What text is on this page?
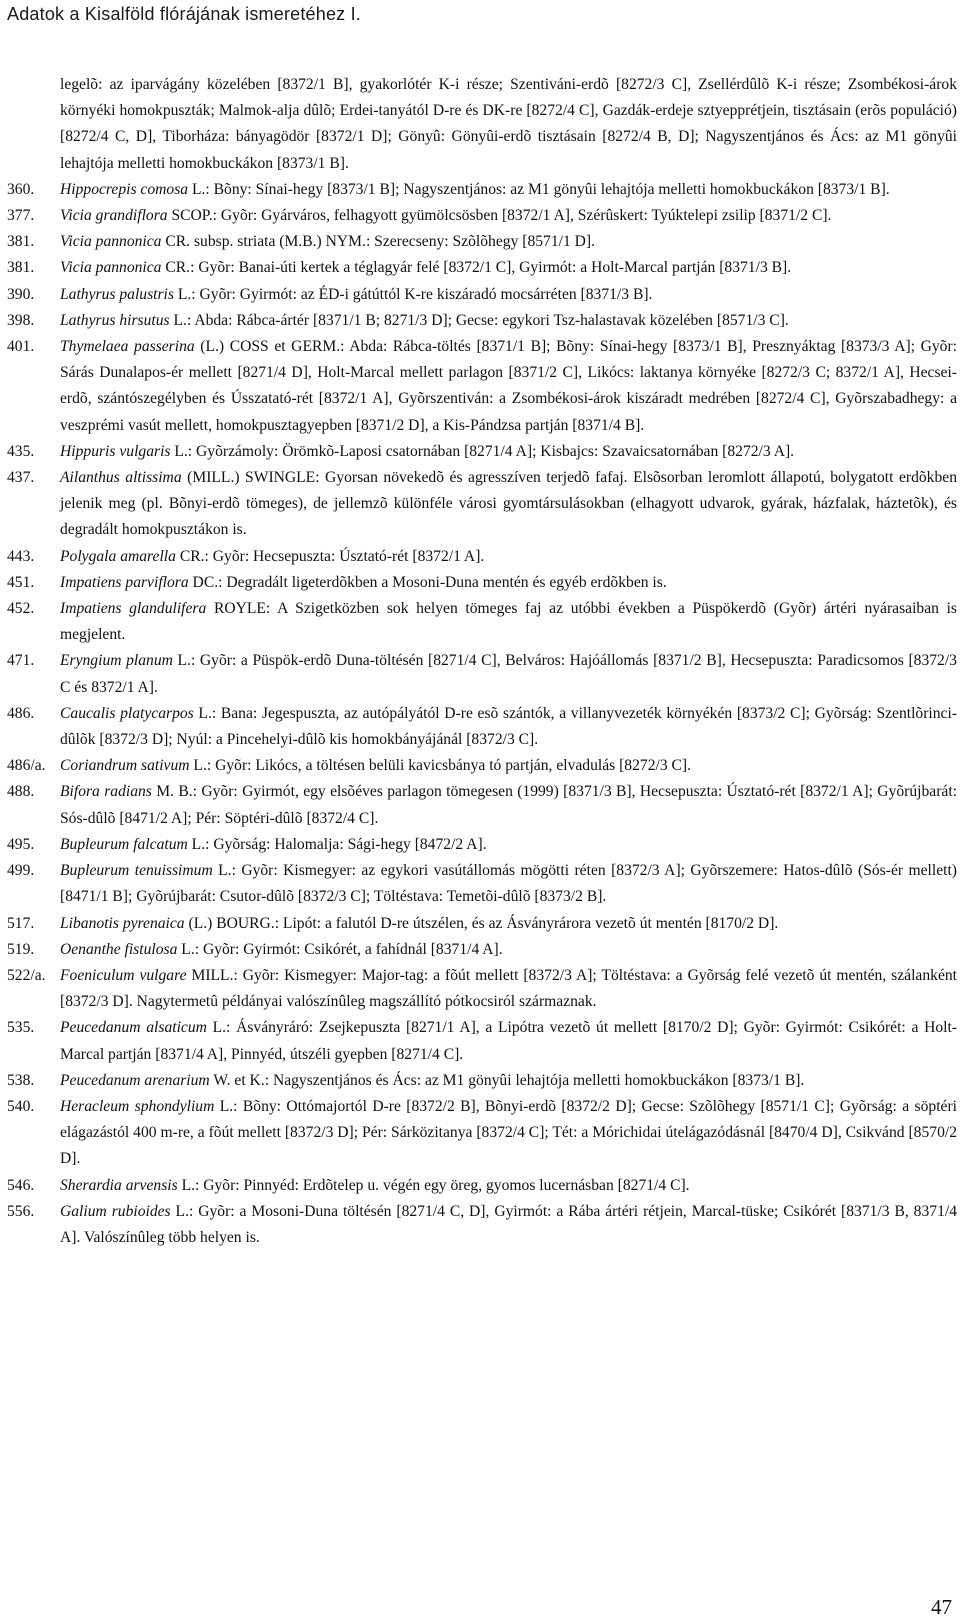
Adatok a Kisalföld flórájának ismeretéhez I.
legelõ: az iparvágány közelében [8372/1 B], gyakorlótér K-i része; Szentiváni-erdõ [8272/3 C], Zsellérdûlõ K-i része; Zsombékosi-árok környéki homokpuszták; Malmok-alja dûlõ; Erdei-tanyától D-re és DK-re [8272/4 C], Gazdák-erdeje sztyepprétjein, tisztásain (erõs populáció) [8272/4 C, D], Tiborháza: bányagödör [8372/1 D]; Gönyû: Gönyûi-erdõ tisztásain [8272/4 B, D]; Nagyszentjános és Ács: az M1 gönyûi lehajtója melletti homokbuckákon [8373/1 B].
360.	Hippocrepis comosa L.: Bõny: Sínai-hegy [8373/1 B]; Nagyszentjános: az M1 gönyûi lehajtója melletti homokbuckákon [8373/1 B].
377.	Vicia grandiflora SCOP.: Gyõr: Gyárváros, felhagyott gyümölcsösben [8372/1 A], Szérûskert: Tyúktelepi zsilip [8371/2 C].
381.	Vicia pannonica CR. subsp. striata (M.B.) NYM.: Szerecseny: Szõlõhegy [8571/1 D].
381.	Vicia pannonica CR.: Gyõr: Banai-úti kertek a téglagyár felé [8372/1 C], Gyirmót: a Holt-Marcal partján [8371/3 B].
390.	Lathyrus palustris L.: Gyõr: Gyirmót: az ÉD-i gátúttól K-re kiszáradó mocsárréten [8371/3 B].
398.	Lathyrus hirsutus L.: Abda: Rábca-ártér [8371/1 B; 8271/3 D]; Gecse: egykori Tsz-halastavak közelében [8571/3 C].
401.	Thymelaea passerina (L.) COSS et GERM.: Abda: Rábca-töltés [8371/1 B]; Bõny: Sínai-hegy [8373/1 B], Presznyáktag [8373/3 A]; Gyõr: Sárás Dunalapos-ér mellett [8271/4 D], Holt-Marcal mellett parlagon [8371/2 C], Likócs: laktanya környéke [8272/3 C; 8372/1 A], Hecsei-erdõ, szántószegélyben és Ússzatató-rét [8372/1 A], Gyõrszentiván: a Zsombékosi-árok kiszáradt medrében [8272/4 C], Gyõrszabadhegy: a veszprémi vasút mellett, homokpusztagyepben [8371/2 D], a Kis-Pándzsa partján [8371/4 B].
435.	Hippuris vulgaris L.: Gyõrzámoly: Örömkõ-Laposi csatornában [8271/4 A]; Kisbajcs: Szavaicsatornában [8272/3 A].
437.	Ailanthus altissima (MILL.) SWINGLE: Gyorsan növekedõ és agresszíven terjedõ fafaj. Elsõsorban leromlott állapotú, bolygatott erdõkben jelenik meg (pl. Bõnyi-erdõ tömeges), de jellemzõ különféle városi gyomtársulásokban (elhagyott udvarok, gyárak, házfalak, háztetõk), és degradált homokpusztákon is.
443.	Polygala amarella CR.: Gyõr: Hecsepuszta: Úsztató-rét [8372/1 A].
451.	Impatiens parviflora DC.: Degradált ligeterdõkben a Mosoni-Duna mentén és egyéb erdõkben is.
452.	Impatiens glandulifera ROYLE: A Szigetközben sok helyen tömeges faj az utóbbi években a Püspökerdõ (Gyõr) ártéri nyárasaiban is megjelent.
471.	Eryngium planum L.: Gyõr: a Püspök-erdõ Duna-töltésén [8271/4 C], Belváros: Hajóállomás [8371/2 B], Hecsepuszta: Paradicsomos [8372/3 C és 8372/1 A].
486.	Caucalis platycarpos L.: Bana: Jegespuszta, az autópályától D-re esõ szántók, a villanyvezeték környékén [8373/2 C]; Gyõrság: Szentlõrinci-dûlõk [8372/3 D]; Nyúl: a Pincehelyi-dûlõ kis homokbányájánál [8372/3 C].
486/a. Coriandrum sativum L.: Gyõr: Likócs, a töltésen belüli kavicsbánya tó partján, elvadulás [8272/3 C].
488.	Bifora radians M. B.: Gyõr: Gyirmót, egy elsõéves parlagon tömegesen (1999) [8371/3 B], Hecsepuszta: Úsztató-rét [8372/1 A]; Gyõrújbarát: Sós-dûlõ [8471/2 A]; Pér: Söptéri-dûlõ [8372/4 C].
495.	Bupleurum falcatum L.: Gyõrság: Halomalja: Sági-hegy [8472/2 A].
499.	Bupleurum tenuissimum L.: Gyõr: Kismegyer: az egykori vasútállomás mögötti réten [8372/3 A]; Gyõrszemere: Hatos-dûlõ (Sós-ér mellett) [8471/1 B]; Gyõrújbarát: Csutor-dûlõ [8372/3 C]; Töltéstava: Temetõi-dûlõ [8373/2 B].
517.	Libanotis pyrenaica (L.) BOURG.: Lipót: a falutól D-re útszélen, és az Ásványrárora vezetõ út mentén [8170/2 D].
519.	Oenanthe fistulosa L.: Gyõr: Gyirmót: Csikórét, a fahídnál [8371/4 A].
522/a. Foeniculum vulgare MILL.: Gyõr: Kismegyer: Major-tag: a fõút mellett [8372/3 A]; Töltéstava: a Gyõrság felé vezetõ út mentén, szálanként [8372/3 D]. Nagytermetû példányai valószínûleg magszállító pótkocsiról származnak.
535.	Peucedanum alsaticum L.: Ásványráró: Zsejkepuszta [8271/1 A], a Lipótra vezetõ út mellett [8170/2 D]; Gyõr: Gyirmót: Csikórét: a Holt-Marcal partján [8371/4 A], Pinnyéd, útszéli gyepben [8271/4 C].
538.	Peucedanum arenarium W. et K.: Nagyszentjános és Ács: az M1 gönyûi lehajtója melletti homokbuckákon [8373/1 B].
540.	Heracleum sphondylium L.: Bõny: Ottómajortól D-re [8372/2 B], Bõnyi-erdõ [8372/2 D]; Gecse: Szõlõhegy [8571/1 C]; Gyõrság: a söptéri elágazástól 400 m-re, a fõút mellett [8372/3 D]; Pér: Sárközitanya [8372/4 C]; Tét: a Mórichidai útelágazódásnál [8470/4 D], Csikvánd [8570/2 D].
546.	Sherardia arvensis L.: Gyõr: Pinnyéd: Erdõtelep u. végén egy öreg, gyomos lucernásban [8271/4 C].
556.	Galium rubioides L.: Gyõr: a Mosoni-Duna töltésén [8271/4 C, D], Gyirmót: a Rába ártéri rétjein, Marcal-tüske; Csikórét [8371/3 B, 8371/4 A]. Valószínûleg több helyen is.
47
